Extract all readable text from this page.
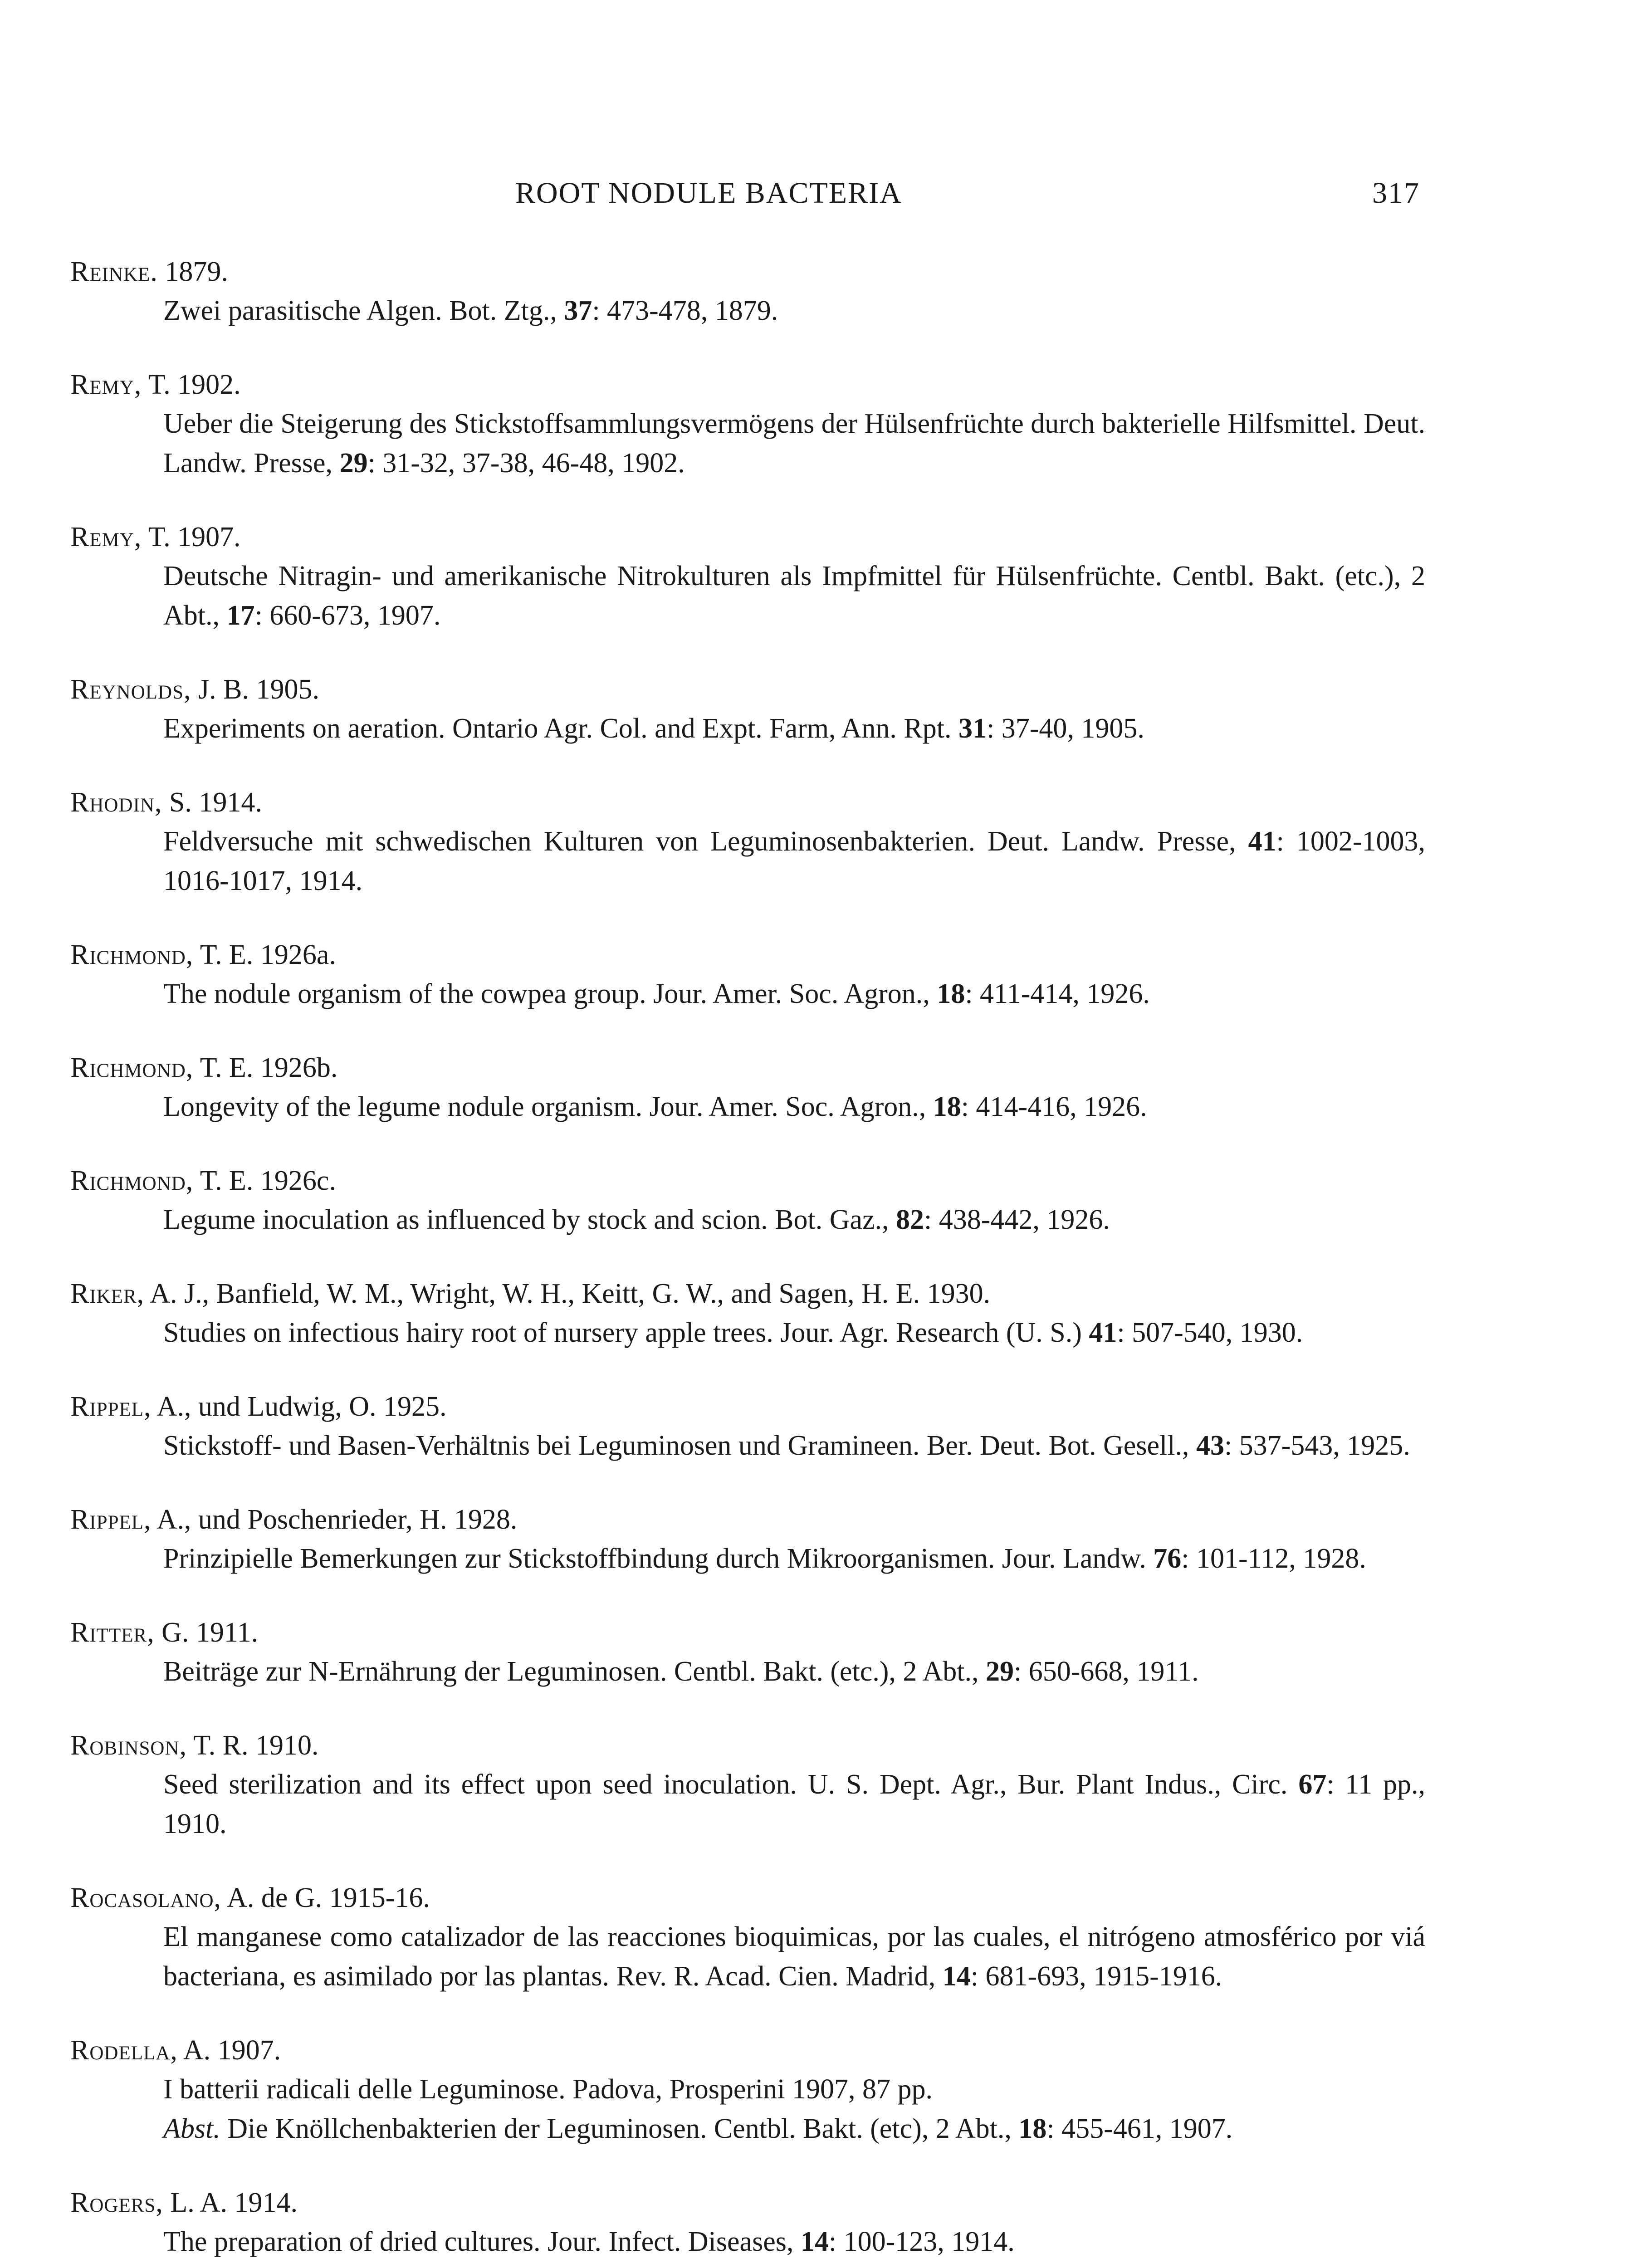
ROOT NODULE BACTERIA	317
Reinke. 1879.
Zwei parasitische Algen. Bot. Ztg., 37: 473-478, 1879.
Remy, T. 1902.
Ueber die Steigerung des Stickstoffsammlungsvermögens der Hülsenfrüchte durch bakterielle Hilfsmittel. Deut. Landw. Presse, 29: 31-32, 37-38, 46-48, 1902.
Remy, T. 1907.
Deutsche Nitragin- und amerikanische Nitrokulturen als Impfmittel für Hülsenfrüchte. Centbl. Bakt. (etc.), 2 Abt., 17: 660-673, 1907.
Reynolds, J. B. 1905.
Experiments on aeration. Ontario Agr. Col. and Expt. Farm, Ann. Rpt. 31: 37-40, 1905.
Rhodin, S. 1914.
Feldversuche mit schwedischen Kulturen von Leguminosenbakterien. Deut. Landw. Presse, 41: 1002-1003, 1016-1017, 1914.
Richmond, T. E. 1926a.
The nodule organism of the cowpea group. Jour. Amer. Soc. Agron., 18: 411-414, 1926.
Richmond, T. E. 1926b.
Longevity of the legume nodule organism. Jour. Amer. Soc. Agron., 18: 414-416, 1926.
Richmond, T. E. 1926c.
Legume inoculation as influenced by stock and scion. Bot. Gaz., 82: 438-442, 1926.
Riker, A. J., Banfield, W. M., Wright, W. H., Keitt, G. W., and Sagen, H. E. 1930.
Studies on infectious hairy root of nursery apple trees. Jour. Agr. Research (U. S.) 41: 507-540, 1930.
Rippel, A., und Ludwig, O. 1925.
Stickstoff- und Basen-Verhältnis bei Leguminosen und Gramineen. Ber. Deut. Bot. Gesell., 43: 537-543, 1925.
Rippel, A., und Poschenrieder, H. 1928.
Prinzipielle Bemerkungen zur Stickstoffbindung durch Mikroorganismen. Jour. Landw. 76: 101-112, 1928.
Ritter, G. 1911.
Beiträge zur N-Ernährung der Leguminosen. Centbl. Bakt. (etc.), 2 Abt., 29: 650-668, 1911.
Robinson, T. R. 1910.
Seed sterilization and its effect upon seed inoculation. U. S. Dept. Agr., Bur. Plant Indus., Circ. 67: 11 pp., 1910.
Rocasolano, A. de G. 1915-16.
El manganese como catalizador de las reacciones bioquimicas, por las cuales, el nitrógeno atmosférico por viá bacteriana, es asimilado por las plantas. Rev. R. Acad. Cien. Madrid, 14: 681-693, 1915-1916.
Rodella, A. 1907.
I batterii radicali delle Leguminose. Padova, Prosperini 1907, 87 pp.
Abst. Die Knöllchenbakterien der Leguminosen. Centbl. Bakt. (etc), 2 Abt., 18: 455-461, 1907.
Rogers, L. A. 1914.
The preparation of dried cultures. Jour. Infect. Diseases, 14: 100-123, 1914.
